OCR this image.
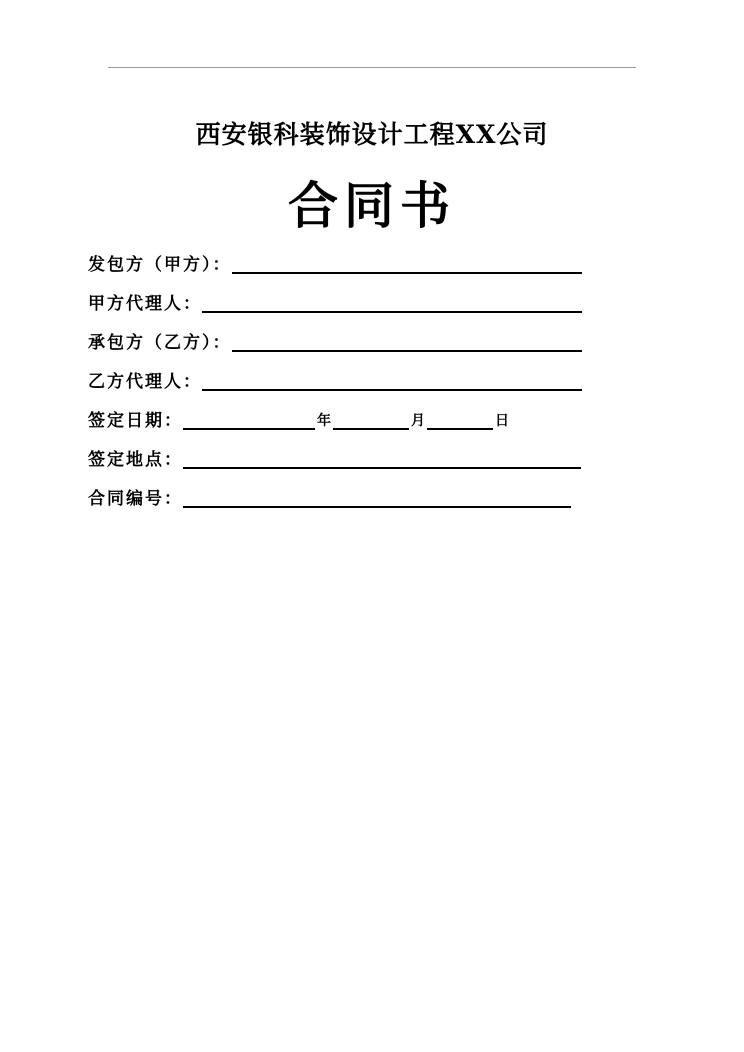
西安银科装饰设计工程XX公司
合同书
发包方（甲方）：
甲方代理人：
承包方（乙方）：
乙方代理人：
签定日期：	年	月	日
签定地点：
合同编号：
